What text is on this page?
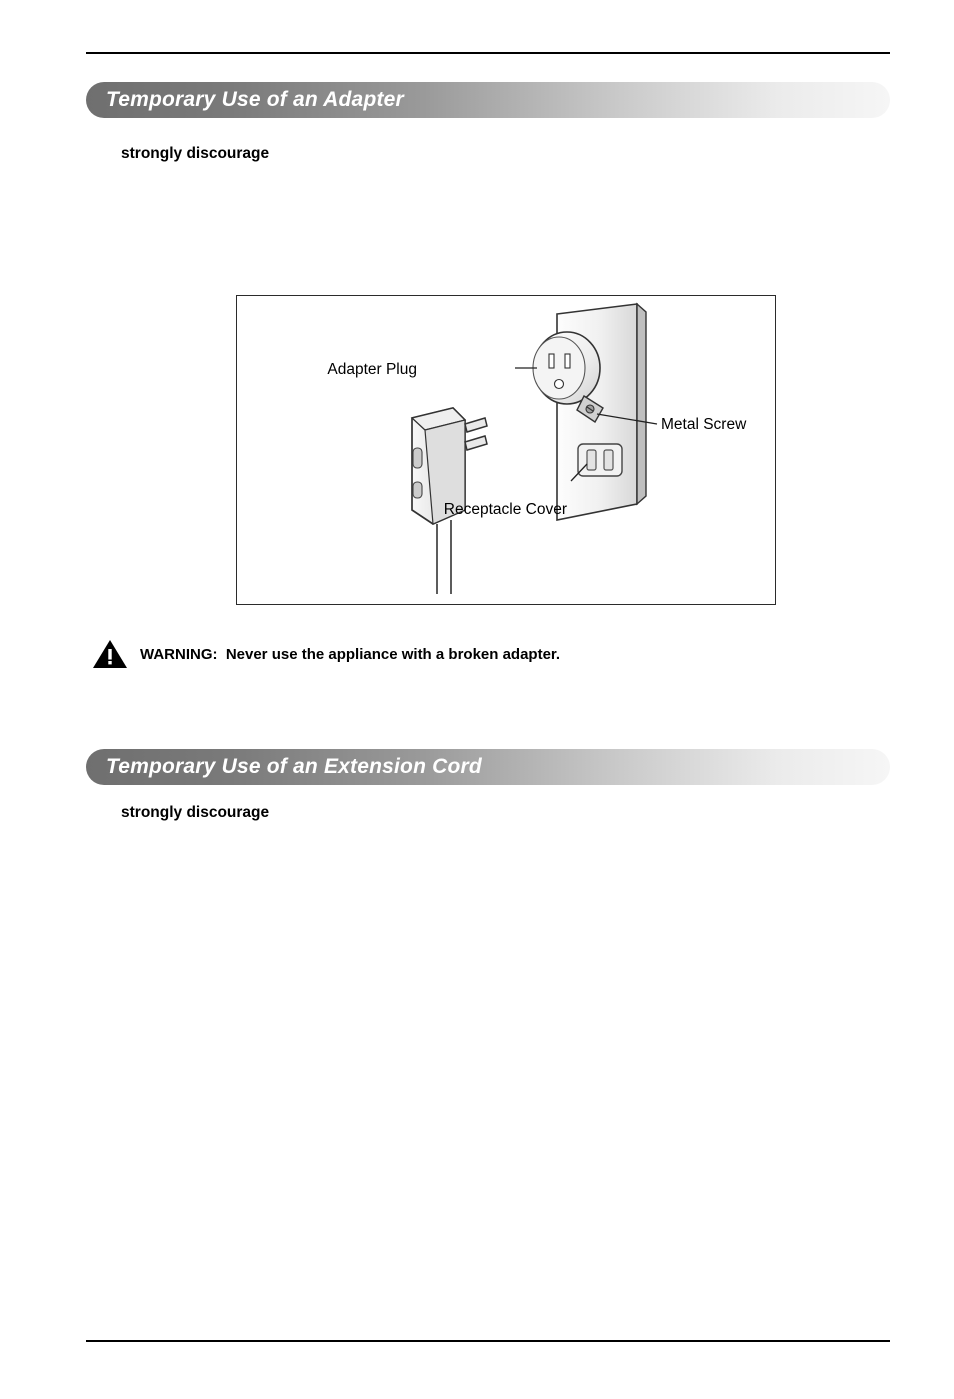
Temporary Use of an Adapter
strongly discourage
Adapter Plug
Metal Screw
Receptacle Cover
WARNING:  Never use the appliance with a broken adapter.
Temporary Use of an Extension Cord
strongly discourage
